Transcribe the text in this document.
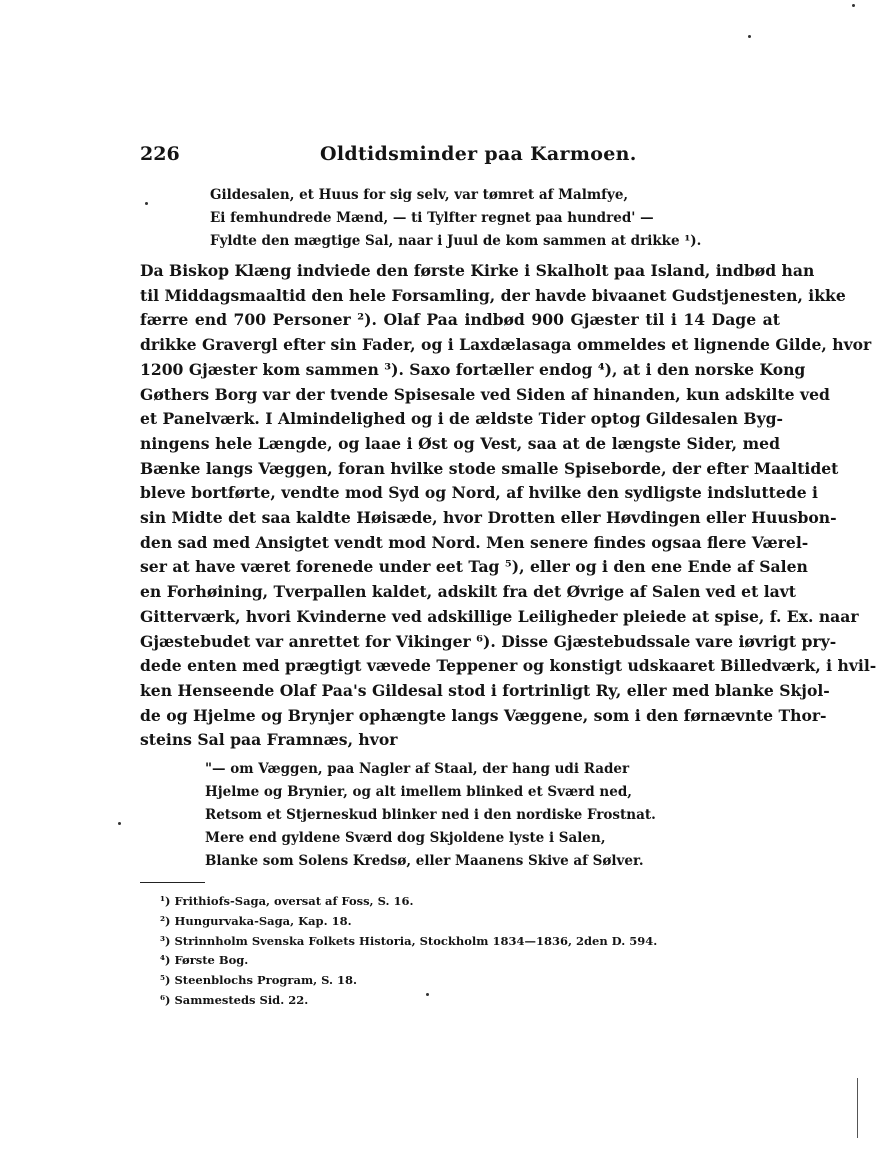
226	Oldtidsminder paa Karmoen.
Gildesalen, et Huus for sig selv, var tømret af Malmfye,
Ei femhundrede Mænd, — ti Tylfter regnet paa hundred' —
Fyldte den mægtige Sal, naar i Juul de kom sammen at drikke ¹).
Da Biskop Klæng indviede den første Kirke i Skalholt paa Island, indbød han
til Middagsmaaltid den hele Forsamling, der havde bivaanet Gudstjenesten, ikke
færre end 700 Personer ²). Olaf Paa indbød 900 Gjæster til i 14 Dage at
drikke Gravergl efter sin Fader, og i Laxdælasaga ommeldes et lignende Gilde, hvor
1200 Gjæster kom sammen ³). Saxo fortæller endog ⁴), at i den norske Kong
Gøthers Borg var der tvende Spisesale ved Siden af hinanden, kun adskilte ved
et Panelværk. I Almindelighed og i de ældste Tider optog Gildesalen Byg-
ningens hele Længde, og laae i Øst og Vest, saa at de længste Sider, med
Bænke langs Væggen, foran hvilke stode smalle Spiseborde, der efter Maaltidet
bleve bortførte, vendte mod Syd og Nord, af hvilke den sydligste indsluttede i
sin Midte det saa kaldte Høisæde, hvor Drotten eller Høvdingen eller Huusbon-
den sad med Ansigtet vendt mod Nord. Men senere findes ogsaa flere Værel-
ser at have været forenede under eet Tag ⁵), eller og i den ene Ende af Salen
en Forhøining, Tverpallen kaldet, adskilt fra det Øvrige af Salen ved et lavt
Gitterværk, hvori Kvinderne ved adskillige Leiligheder pleiede at spise, f. Ex. naar
Gjæstebudet var anrettet for Vikinger ⁶). Disse Gjæstebudssale vare iøvrigt pry-
dede enten med prægtigt vævede Teppener og konstigt udskaaret Billedværk, i hvil-
ken Henseende Olaf Paa's Gildesal stod i fortrinligt Ry, eller med blanke Skjol-
de og Hjelme og Brynjer ophængte langs Væggene, som i den førnævnte Thor-
steins Sal paa Framnæs, hvor
"— om Væggen, paa Nagler af Staal, der hang udi Rader
Hjelme og Brynier, og alt imellem blinked et Sværd ned,
Retsom et Stjerneskud blinker ned i den nordiske Frostnat.
Mere end gyldene Sværd dog Skjoldene lyste i Salen,
Blanke som Solens Kredsø, eller Maanens Skive af Sølver.
¹) Frithiofs-Saga, oversat af Foss, S. 16.
²) Hungurvaka-Saga, Kap. 18.
³) Strinnholm Svenska Folkets Historia, Stockholm 1834—1836, 2den D. 594.
⁴) Første Bog.
⁵) Steenblochs Program, S. 18.
⁶) Sammesteds Sid. 22.
